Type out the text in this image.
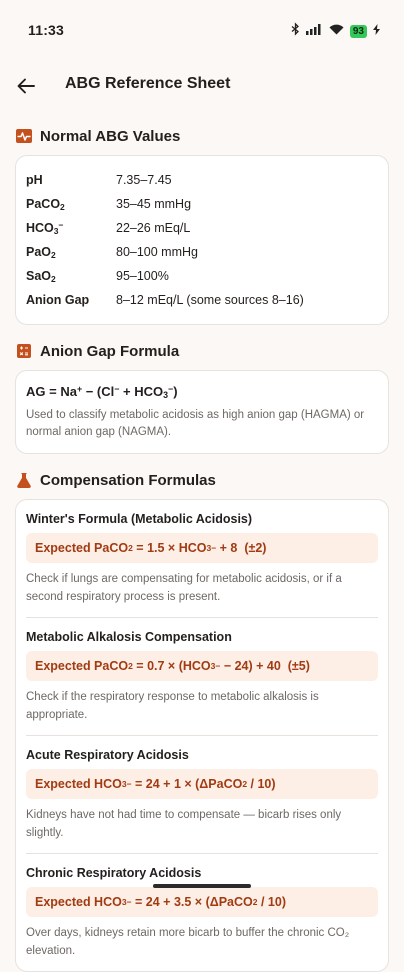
11:33	93
ABG Reference Sheet
Normal ABG Values
pH	7.35–7.45
PaCO$_2$	35–45 mmHg
$HCO_3^-$	22–26 mEq/L
PaO$_2$	80–100 mmHg
SaO$_2$	95–100%
Anion Gap	8–12 mEq/L (some sources 8–16)
Anion Gap Formula
AG = $Na^+ - (Cl^- + HCO_3^-)$
Used to classify metabolic acidosis as high anion gap (HAGMA) or normal anion gap (NAGMA).
Compensation Formulas
Winter's Formula (Metabolic Acidosis)
Expected PaCO 2 = 1.5 × HCO 3 − + 8  (±2)
Check if lungs are compensating for metabolic acidosis, or if a second respiratory process is present.
Metabolic Alkalosis Compensation
Expected PaCO 2 = 0.7 × (HCO 3 − − 24) + 40  (±5)
Check if the respiratory response to metabolic alkalosis is appropriate.
Acute Respiratory Acidosis
Expected HCO 3 − = 24 + 1 × (ΔPaCO 2 / 10)
Kidneys have not had time to compensate — bicarb rises only slightly.
Chronic Respiratory Acidosis
Expected HCO 3 − = 24 + 3.5 × (ΔPaCO 2 / 10)
Over days, kidneys retain more bicarb to buffer the chronic CO₂ elevation.
